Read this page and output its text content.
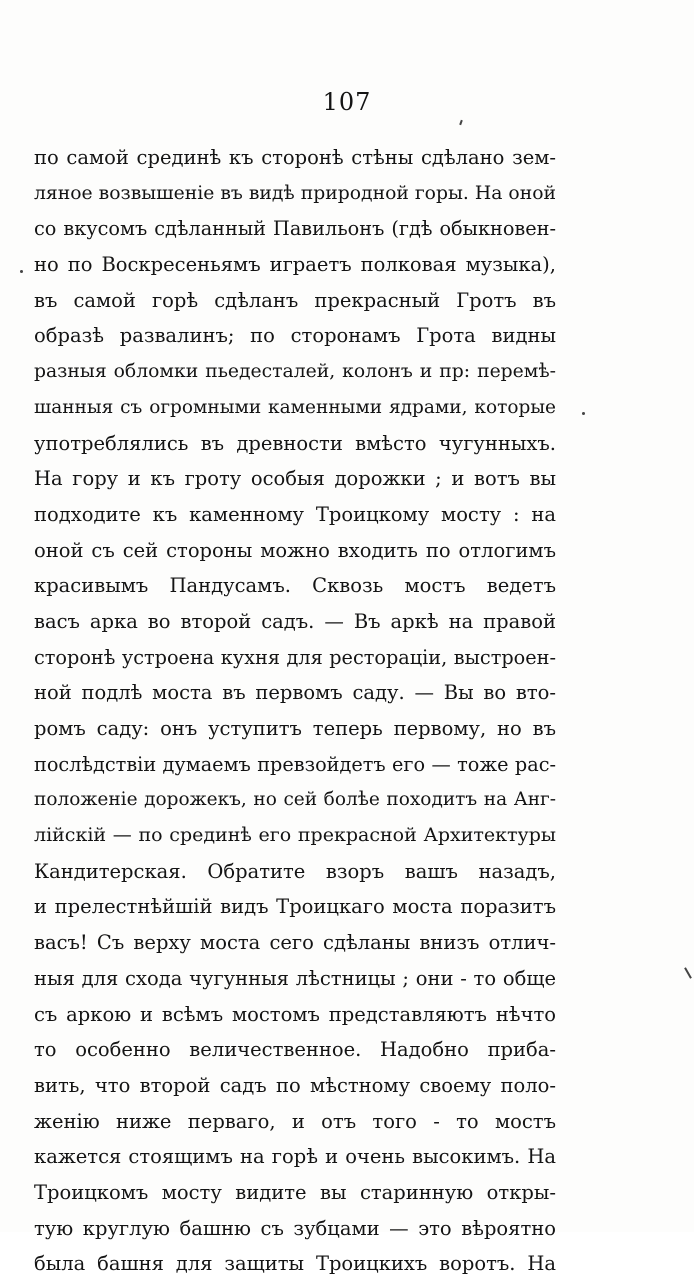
107
по самой срединѣ къ сторонѣ стѣны сдѣлано зем-
ляное возвышеніе въ видѣ природной горы. На оной
со вкусомъ сдѣланный Павильонъ (гдѣ обыкновен-
но по Воскресеньямъ играетъ полковая музыка),
въ самой горѣ сдѣланъ прекрасный Гротъ въ
образѣ развалинъ; по сторонамъ Грота видны
разныя обломки пьедесталей, колонъ и пр: перемѣ-
шанныя съ огромными каменными ядрами, которые
употреблялись въ древности вмѣсто чугунныхъ.
На гору и къ гроту особыя дорожки ; и вотъ вы
подходите къ каменному Троицкому мосту : на
оной съ сей стороны можно входить по отлогимъ
красивымъ Пандусамъ. Сквозь мостъ ведетъ
васъ арка во второй садъ. — Въ аркѣ на правой
сторонѣ устроена кухня для ресторацiи, выстроен-
ной подлѣ моста въ первомъ саду. — Вы во вто-
ромъ саду: онъ уступитъ теперь первому, но въ
послѣдствіи думаемъ превзойдетъ его — тоже рас-
положеніе дорожекъ, но сей болѣе походитъ на Анг-
лійскій — по срединѣ его прекрасной Архитектуры
Кандитерская. Обратите взоръ вашъ назадъ,
и прелестнѣйшій видъ Троицкаго моста поразитъ
васъ! Съ верху моста сего сдѣланы внизъ отлич-
ныя для схода чугунныя лѣстницы ; они - то обще
съ аркою и всѣмъ мостомъ представляютъ нѣчто
то особенно величественное. Надобно приба-
вить, что второй садъ по мѣстному своему поло-
женію ниже перваго, и отъ того - то мостъ
кажется стоящимъ на горѣ и очень высокимъ. На
Троицкомъ мосту видите вы старинную откры-
тую круглую башню съ зубцами — это вѣроятно
была башня для защиты Троицкихъ воротъ. На
